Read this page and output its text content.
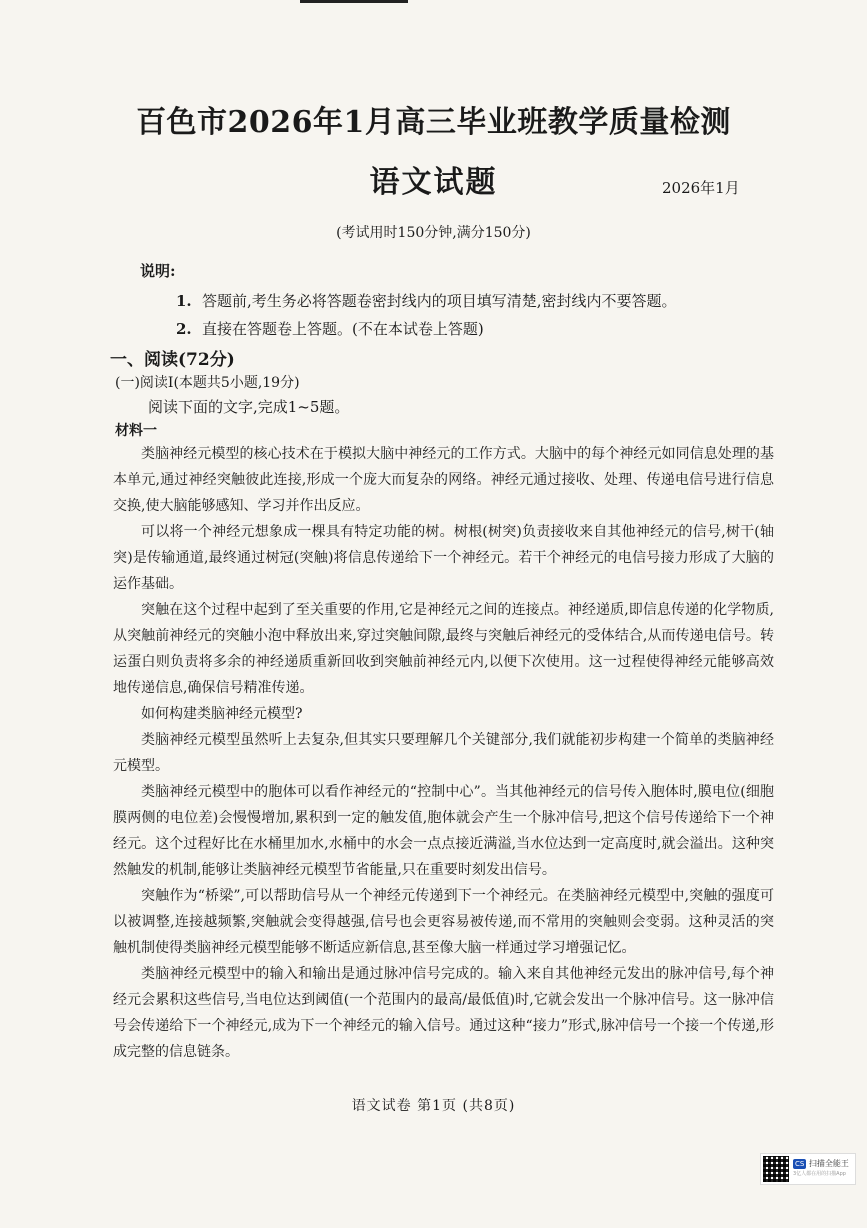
百色市2026年1月高三毕业班教学质量检测
语文试题	2026年1月
(考试用时150分钟,满分150分)
说明:
1. 答题前,考生务必将答题卷密封线内的项目填写清楚,密封线内不要答题。
2. 直接在答题卷上答题。(不在本试卷上答题)
一、阅读(72分)
(一)阅读Ⅰ(本题共5小题,19分)
阅读下面的文字,完成1~5题。
材料一

类脑神经元模型的核心技术在于模拟大脑中神经元的工作方式。大脑中的每个神经元如同信息处理的基本单元,通过神经突触彼此连接,形成一个庞大而复杂的网络。神经元通过接收、处理、传递电信号进行信息交换,使大脑能够感知、学习并作出反应。

可以将一个神经元想象成一棵具有特定功能的树。树根(树突)负责接收来自其他神经元的信号,树干(轴突)是传输通道,最终通过树冠(突触)将信息传递给下一个神经元。若干个神经元的电信号接力形成了大脑的运作基础。

突触在这个过程中起到了至关重要的作用,它是神经元之间的连接点。神经递质,即信息传递的化学物质,从突触前神经元的突触小泡中释放出来,穿过突触间隙,最终与突触后神经元的受体结合,从而传递电信号。转运蛋白则负责将多余的神经递质重新回收到突触前神经元内,以便下次使用。这一过程使得神经元能够高效地传递信息,确保信号精准传递。

如何构建类脑神经元模型?

类脑神经元模型虽然听上去复杂,但其实只要理解几个关键部分,我们就能初步构建一个简单的类脑神经元模型。

类脑神经元模型中的胞体可以看作神经元的“控制中心”。当其他神经元的信号传入胞体时,膜电位(细胞膜两侧的电位差)会慢慢增加,累积到一定的触发值,胞体就会产生一个脉冲信号,把这个信号传递给下一个神经元。这个过程好比在水桶里加水,水桶中的水会一点点接近满溢,当水位达到一定高度时,就会溢出。这种突然触发的机制,能够让类脑神经元模型节省能量,只在重要时刻发出信号。

突触作为“桥梁”,可以帮助信号从一个神经元传递到下一个神经元。在类脑神经元模型中,突触的强度可以被调整,连接越频繁,突触就会变得越强,信号也会更容易被传递,而不常用的突触则会变弱。这种灵活的突触机制使得类脑神经元模型能够不断适应新信息,甚至像大脑一样通过学习增强记忆。

类脑神经元模型中的输入和输出是通过脉冲信号完成的。输入来自其他神经元发出的脉冲信号,每个神经元会累积这些信号,当电位达到阈值(一个范围内的最高/最低值)时,它就会发出一个脉冲信号。这一脉冲信号会传递给下一个神经元,成为下一个神经元的输入信号。通过这种“接力”形式,脉冲信号一个接一个传递,形成完整的信息链条。

语文试卷 第1页 (共8页)
CS 扫描全能王
3亿人都在用的扫描App
